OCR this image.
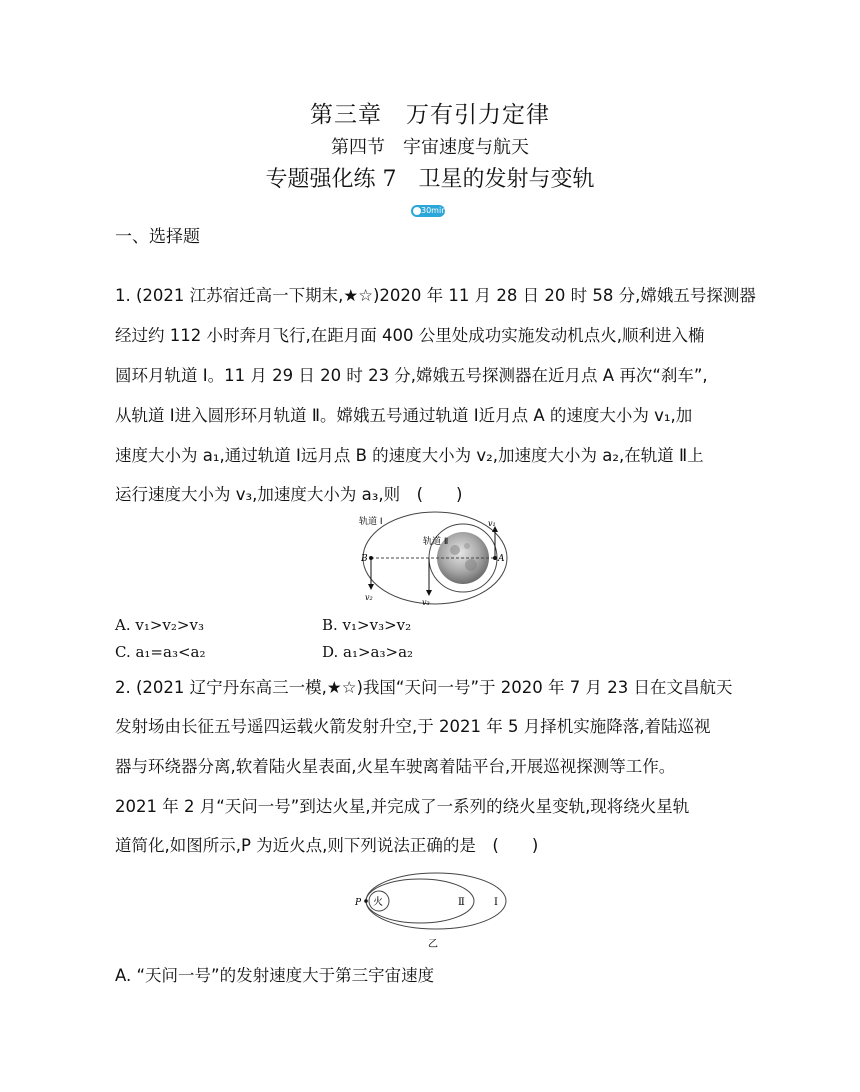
第三章　万有引力定律
第四节　宇宙速度与航天
专题强化练 7　卫星的发射与变轨
30min
一、选择题
1. (2021 江苏宿迁高一下期末,★☆)2020 年 11 月 28 日 20 时 58 分,嫦娥五号探测器
经过约 112 小时奔月飞行,在距月面 400 公里处成功实施发动机点火,顺利进入椭
圆环月轨道 Ⅰ。11 月 29 日 20 时 23 分,嫦娥五号探测器在近月点 A 再次“刹车”,
从轨道 Ⅰ进入圆形环月轨道 Ⅱ。嫦娥五号通过轨道 Ⅰ近月点 A 的速度大小为 v₁,加
速度大小为 a₁,通过轨道 Ⅰ远月点 B 的速度大小为 v₂,加速度大小为 a₂,在轨道 Ⅱ上
运行速度大小为 v₃,加速度大小为 a₃,则　(　　)
轨道 Ⅰ
轨道 Ⅱ
B	A
v₁
v₂
v₃
A. v₁>v₂>v₃	B. v₁>v₃>v₂
C. a₁=a₃<a₂	D. a₁>a₃>a₂
2. (2021 辽宁丹东高三一模,★☆)我国“天问一号”于 2020 年 7 月 23 日在文昌航天
发射场由长征五号遥四运载火箭发射升空,于 2021 年 5 月择机实施降落,着陆巡视
器与环绕器分离,软着陆火星表面,火星车驶离着陆平台,开展巡视探测等工作。
2021 年 2 月“天问一号”到达火星,并完成了一系列的绕火星变轨,现将绕火星轨
道简化,如图所示,P 为近火点,则下列说法正确的是　(　　)
火
P	Ⅱ	Ⅰ
乙
A. “天问一号”的发射速度大于第三宇宙速度
